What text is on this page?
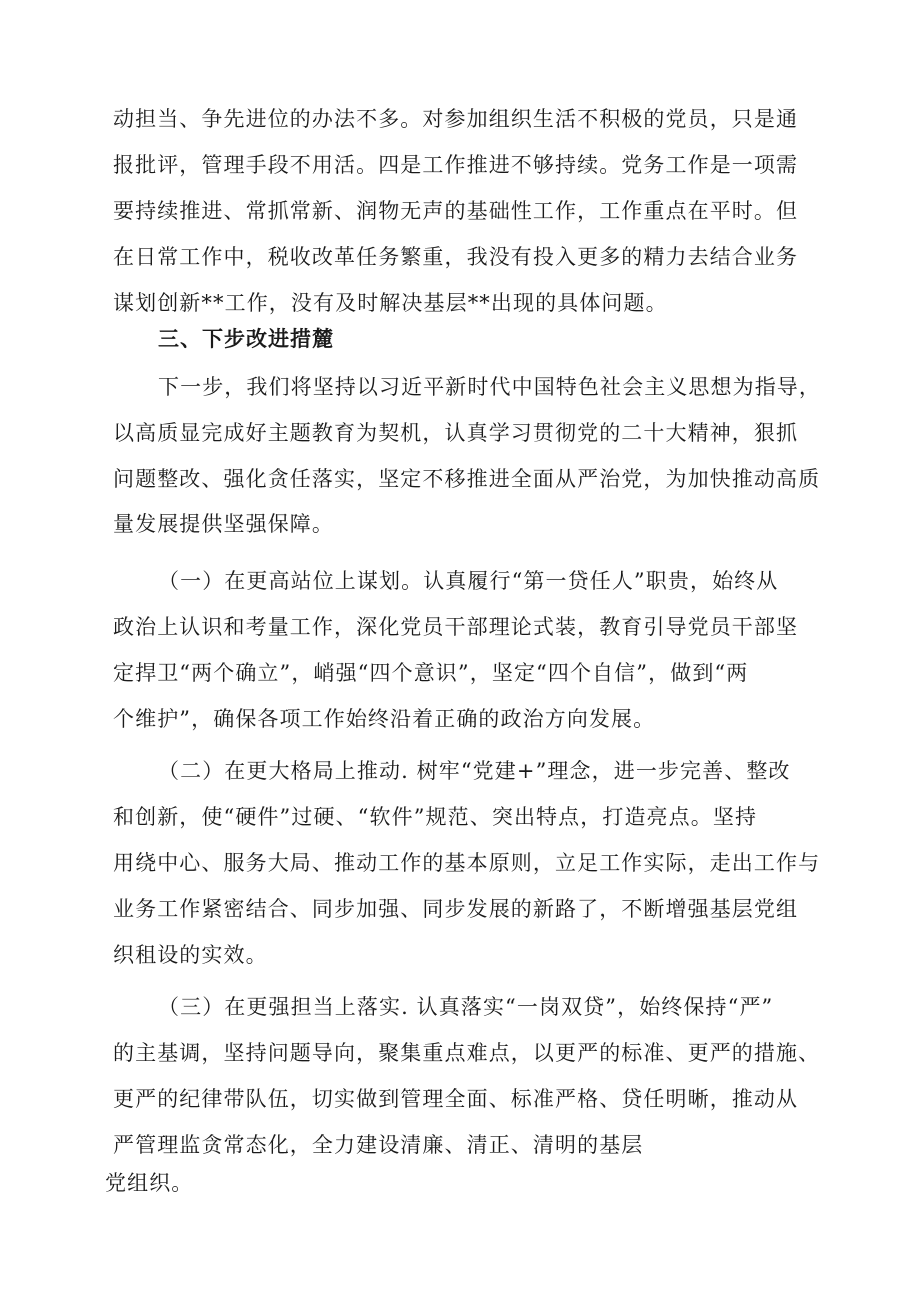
动担当、争先进位的办法不多。对参加组织生活不积极的党员，只是通
报批评，管理手段不用活。四是工作推进不够持续。党务工作是一项需
要持续推进、常抓常新、润物无声的基础性工作，工作重点在平时。但
在日常工作中，税收改革任务繁重，我没有投入更多的精力去结合业务
谋划创新**工作，没有及时解决基层**出现的具体问题。
三、下步改进措麓
下一步，我们将坚持以习近平新时代中国特色社会主义思想为指导，
以高质显完成好主题教育为契机，认真学习贯彻党的二十大精神，狠抓
问题整改、强化贪任落实，坚定不移推进全面从严治党，为加快推动高质
量发展提供坚强保障。
（一）在更高站位上谋划。认真履行“第一贷任人”职贵，始终从
政治上认识和考量工作，深化党员干部理论式装，教育引导党员干部坚
定捍卫“两个确立”，峭强“四个意识”，坚定“四个自信”，做到“两
个维护”，确保各项工作始终沿着正确的政治方向发展。
（二）在更大格局上推动. 树牢“党建+”理念，进一步完善、整改
和创新，使“硬件”过硬、“软件”规范、突出特点，打造亮点。坚持
用绕中心、服务大局、推动工作的基本原则，立足工作实际，走出工作与
业务工作紧密结合、同步加强、同步发展的新路了，不断增强基层党组
织租设的实效。
（三）在更强担当上落实. 认真落实“一岗双贷”，始终保持“严”
的主基调，坚持问题导向，聚集重点难点，以更严的标准、更严的措施、
更严的纪律带队伍，切实做到管理全面、标准严格、贷任明晰，推动从
严管理监贪常态化，全力建设清廉、清正、清明的基层
党组织。
